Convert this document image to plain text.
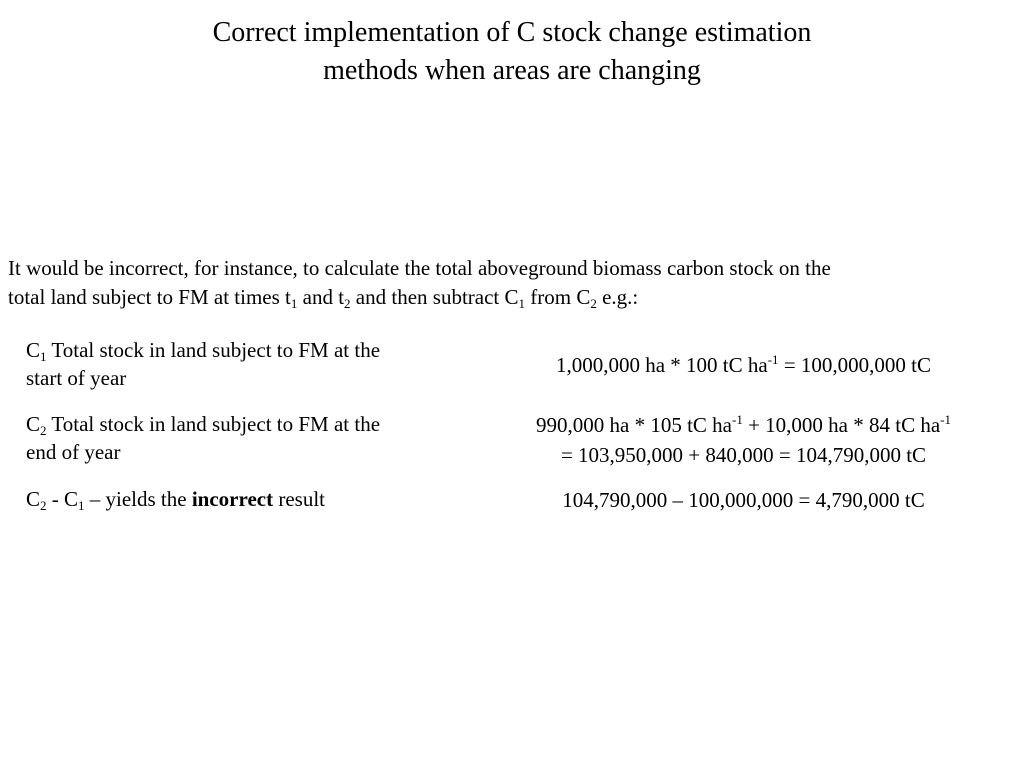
Correct implementation of C stock change estimation
methods when areas are changing
It would be incorrect, for instance, to calculate the total aboveground biomass carbon stock on the
total land subject to FM at times $t_1$ and $t_2$ and then subtract $C_1$ from $C_2$ e.g.:
$C_1$ Total stock in land subject to FM at the
start of year
1,000,000 ha * 100 tC $ha^{-1} = 100,000,000$ tC
$C_2$ Total stock in land subject to FM at the
end of year
990,000 ha * 105 tC $ha^{-1} + 10,000$ ha * 84 tC $ha^{-1}$
= 103,950,000 + 840,000 = 104,790,000 tC
$C_2 - C_1$ – yields the incorrect result	104,790,000 – 100,000,000 = 4,790,000 tC
